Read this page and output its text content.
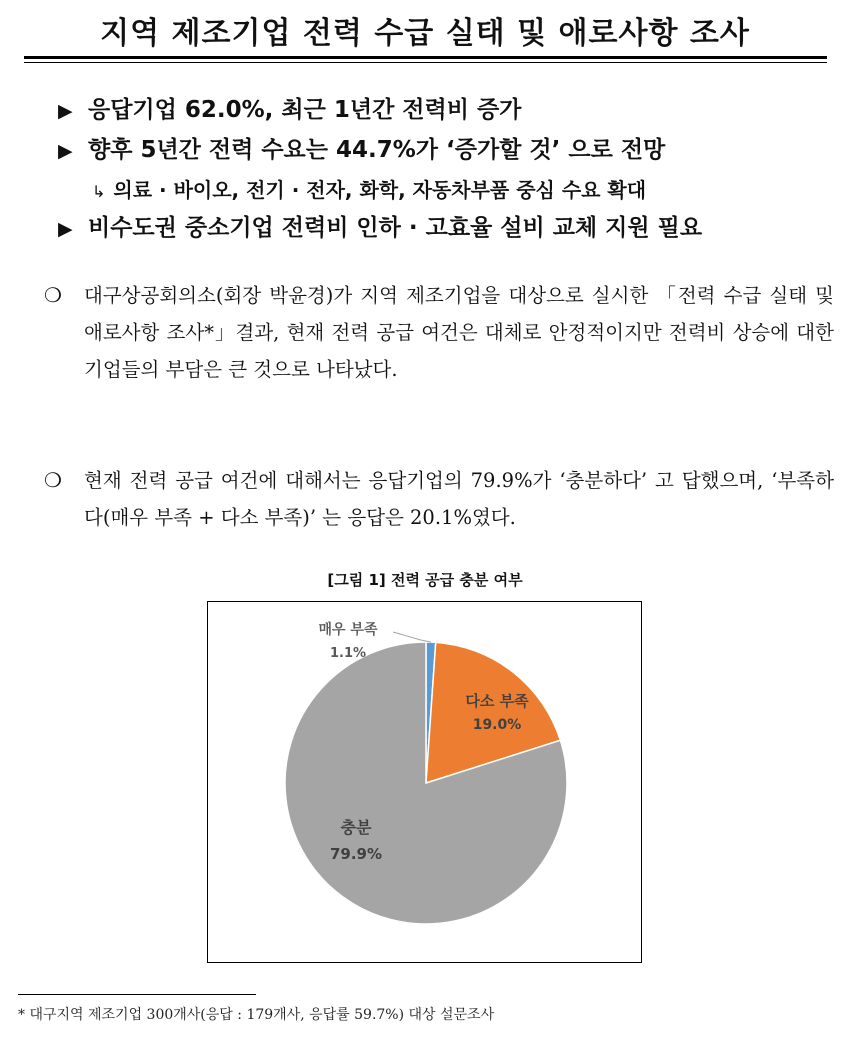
지역 제조기업 전력 수급 실태 및 애로사항 조사
▶ 응답기업 62.0%, 최근 1년간 전력비 증가
▶ 향후 5년간 전력 수요는 44.7%가 ‘증가할 것’ 으로 전망
↳ 의료 · 바이오, 전기 · 전자, 화학, 자동차부품 중심 수요 확대
▶ 비수도권 중소기업 전력비 인하 · 고효율 설비 교체 지원 필요
❍ 대구상공회의소(회장 박윤경)가 지역 제조기업을 대상으로 실시한 「전력 수급 실태 및 애로사항 조사*」결과, 현재 전력 공급 여건은 대체로 안정적이지만 전력비 상승에 대한 기업들의 부담은 큰 것으로 나타났다.
❍ 현재 전력 공급 여건에 대해서는 응답기업의 79.9%가 ‘충분하다’ 고 답했으며, ‘부족하다(매우 부족 + 다소 부족)’ 는 응답은 20.1%였다.
[그림 1] 전력 공급 충분 여부
매우 부족
1.1%
다소 부족
19.0%
충분
79.9%
* 대구지역 제조기업 300개사(응답 : 179개사, 응답률 59.7%) 대상 설문조사
